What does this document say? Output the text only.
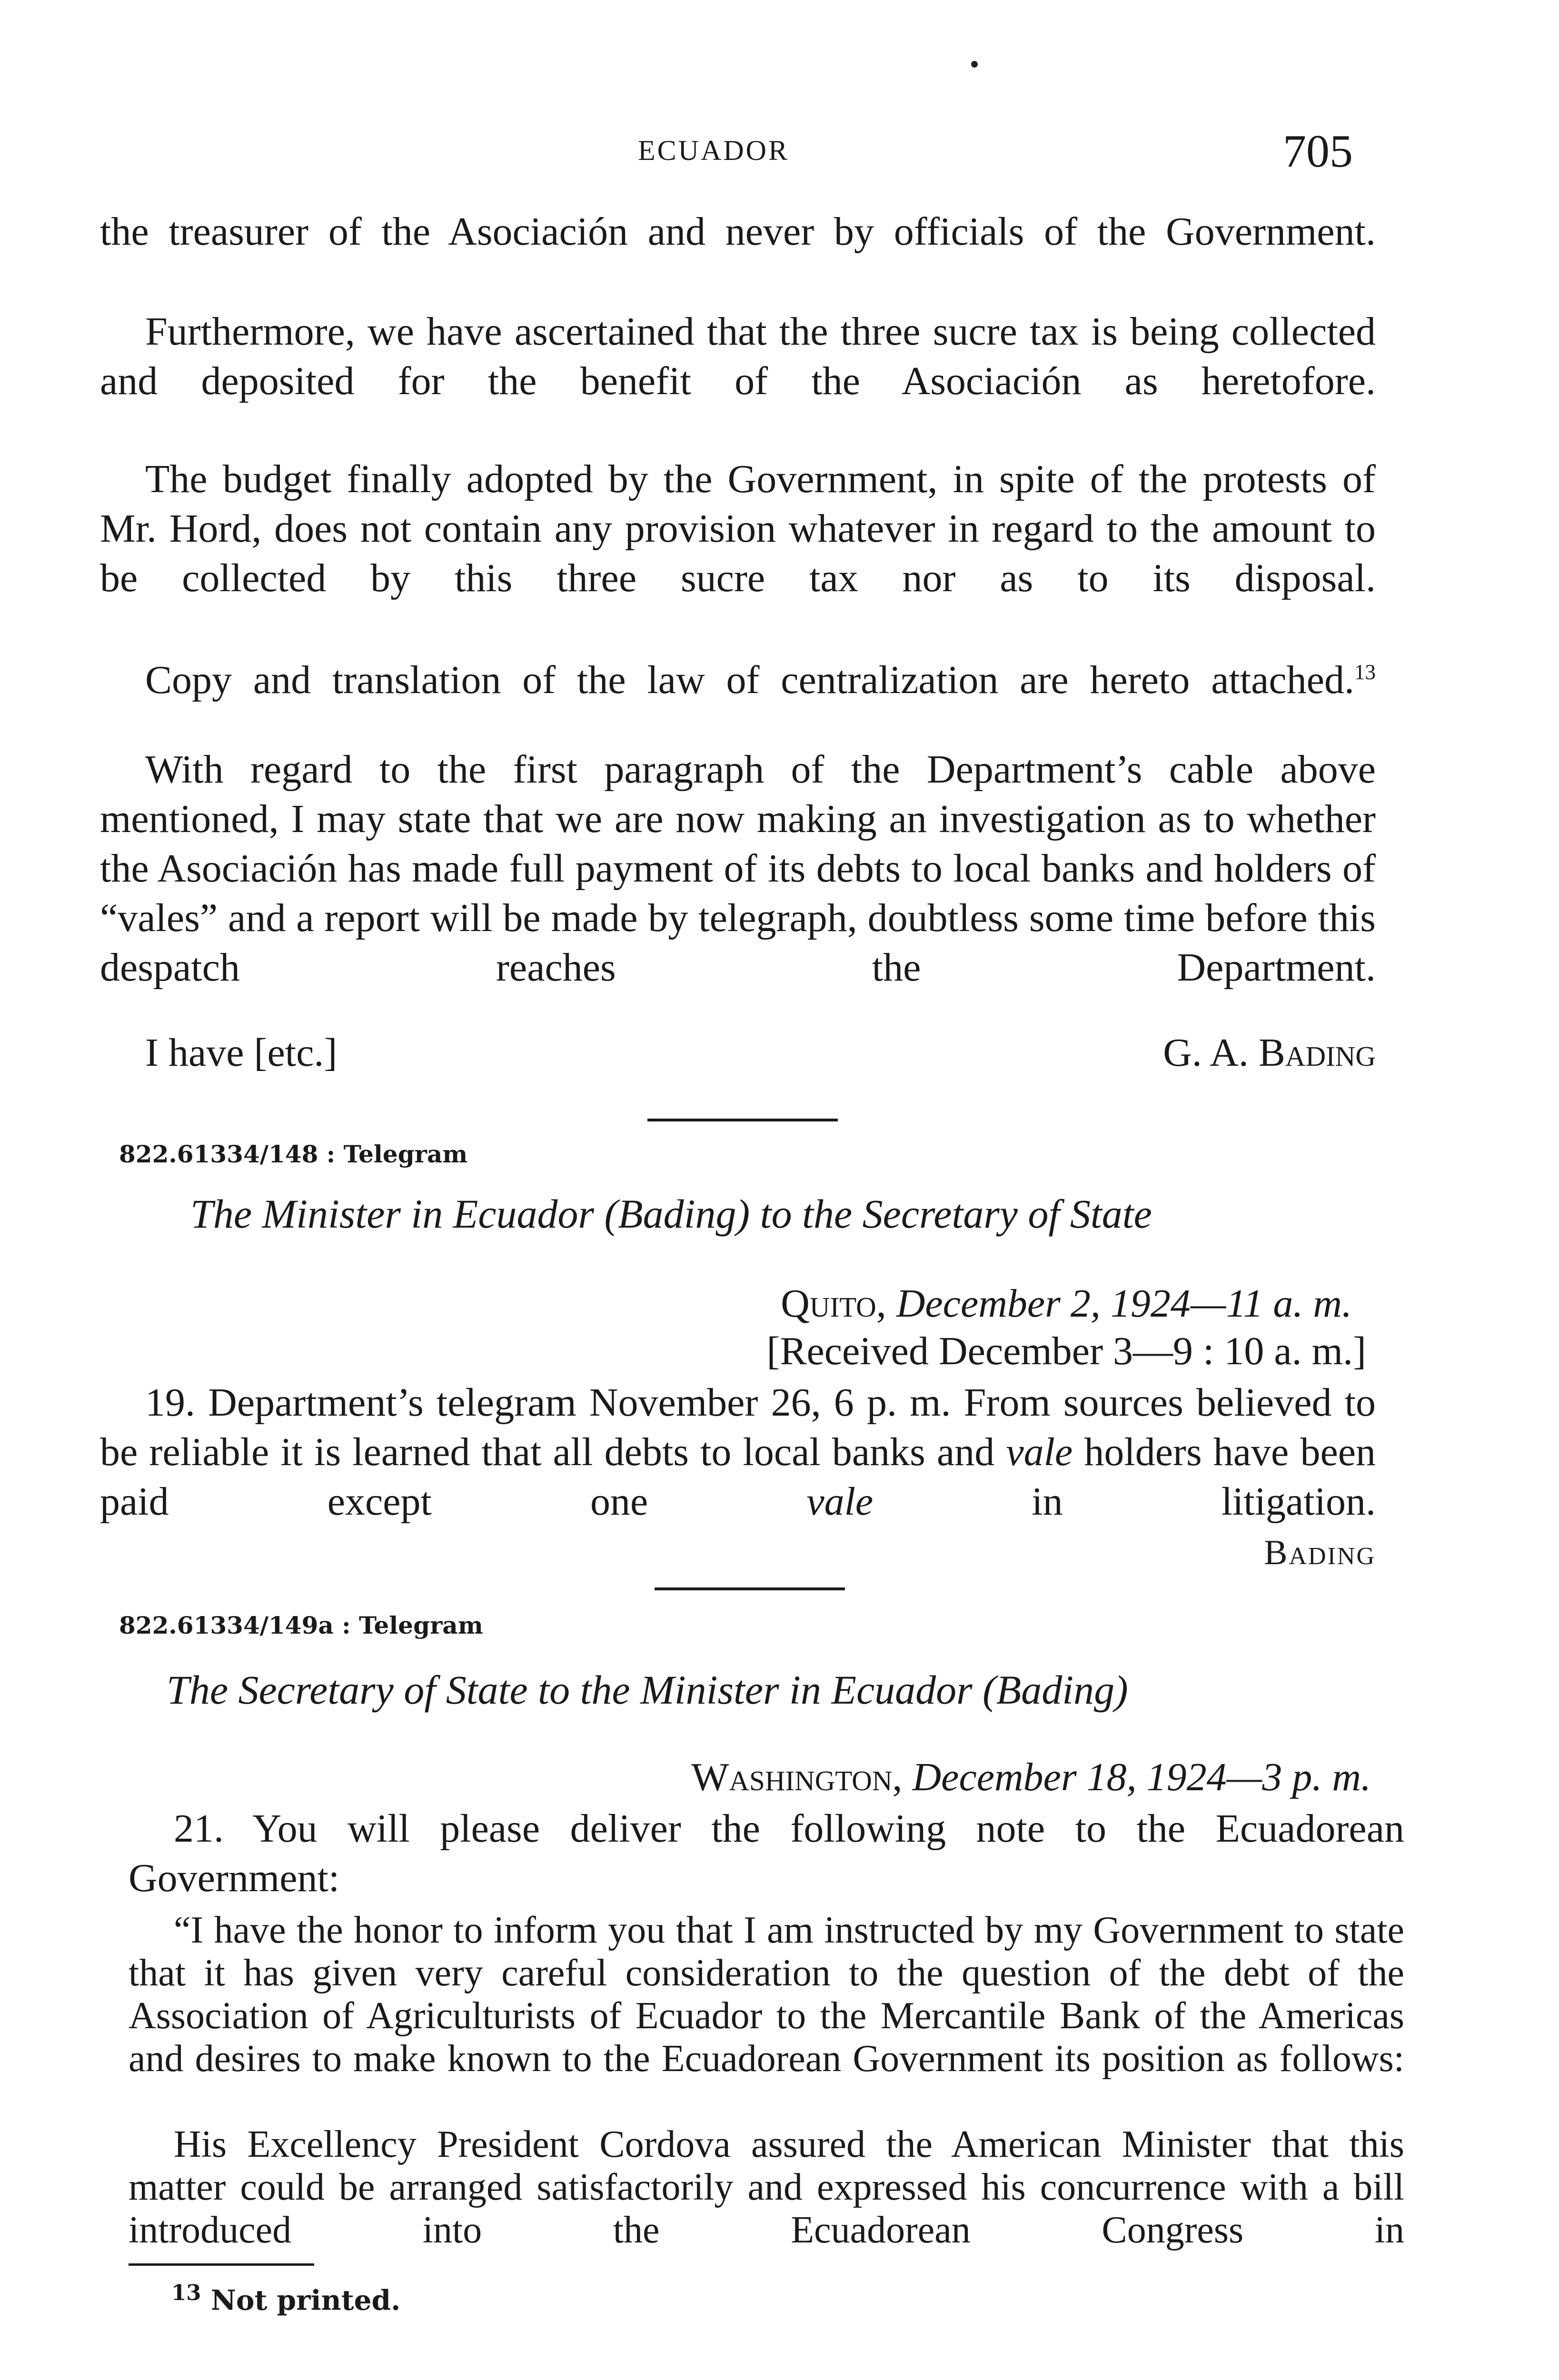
ECUADOR	705

the treasurer of the Asociación and never by officials of the Government.

Furthermore, we have ascertained that the three sucre tax is being collected and deposited for the benefit of the Asociación as heretofore.

The budget finally adopted by the Government, in spite of the protests of Mr. Hord, does not contain any provision whatever in regard to the amount to be collected by this three sucre tax nor as to its disposal.

Copy and translation of the law of centralization are hereto attached.$^{13}$

With regard to the first paragraph of the Department’s cable above mentioned, I may state that we are now making an investigation as to whether the Asociación has made full payment of its debts to local banks and holders of “vales” and a report will be made by telegraph, doubtless some time before this despatch reaches the Department.

I have [etc.]	G. A. Bading
822.61334/148 : Telegram
The Minister in Ecuador (Bading) to the Secretary of State
Quito, December 2, 1924—11 a. m.
[Received December 3—9 : 10 a. m.]

19. Department’s telegram November 26, 6 p. m. From sources believed to be reliable it is learned that all debts to local banks and vale holders have been paid except one	vale	in litigation.

Bading
822.61334/149a : Telegram
The Secretary of State to the Minister in Ecuador (Bading)
Washington, December 18, 1924—3 p. m.

21. You will please deliver the following note to the Ecuadorean Government:

“I have the honor to inform you that I am instructed by my Government to state that it has given very careful consideration to the question of the debt of the Association of Agriculturists of Ecuador to the Mercantile Bank of the Americas and desires to make known to the Ecuadorean Government its position as follows:

His Excellency President Cordova assured the American Minister that this matter could be arranged satisfactorily and expressed his concurrence with a bill introduced into the Ecuadorean Congress in

$^{13}$ Not printed.
